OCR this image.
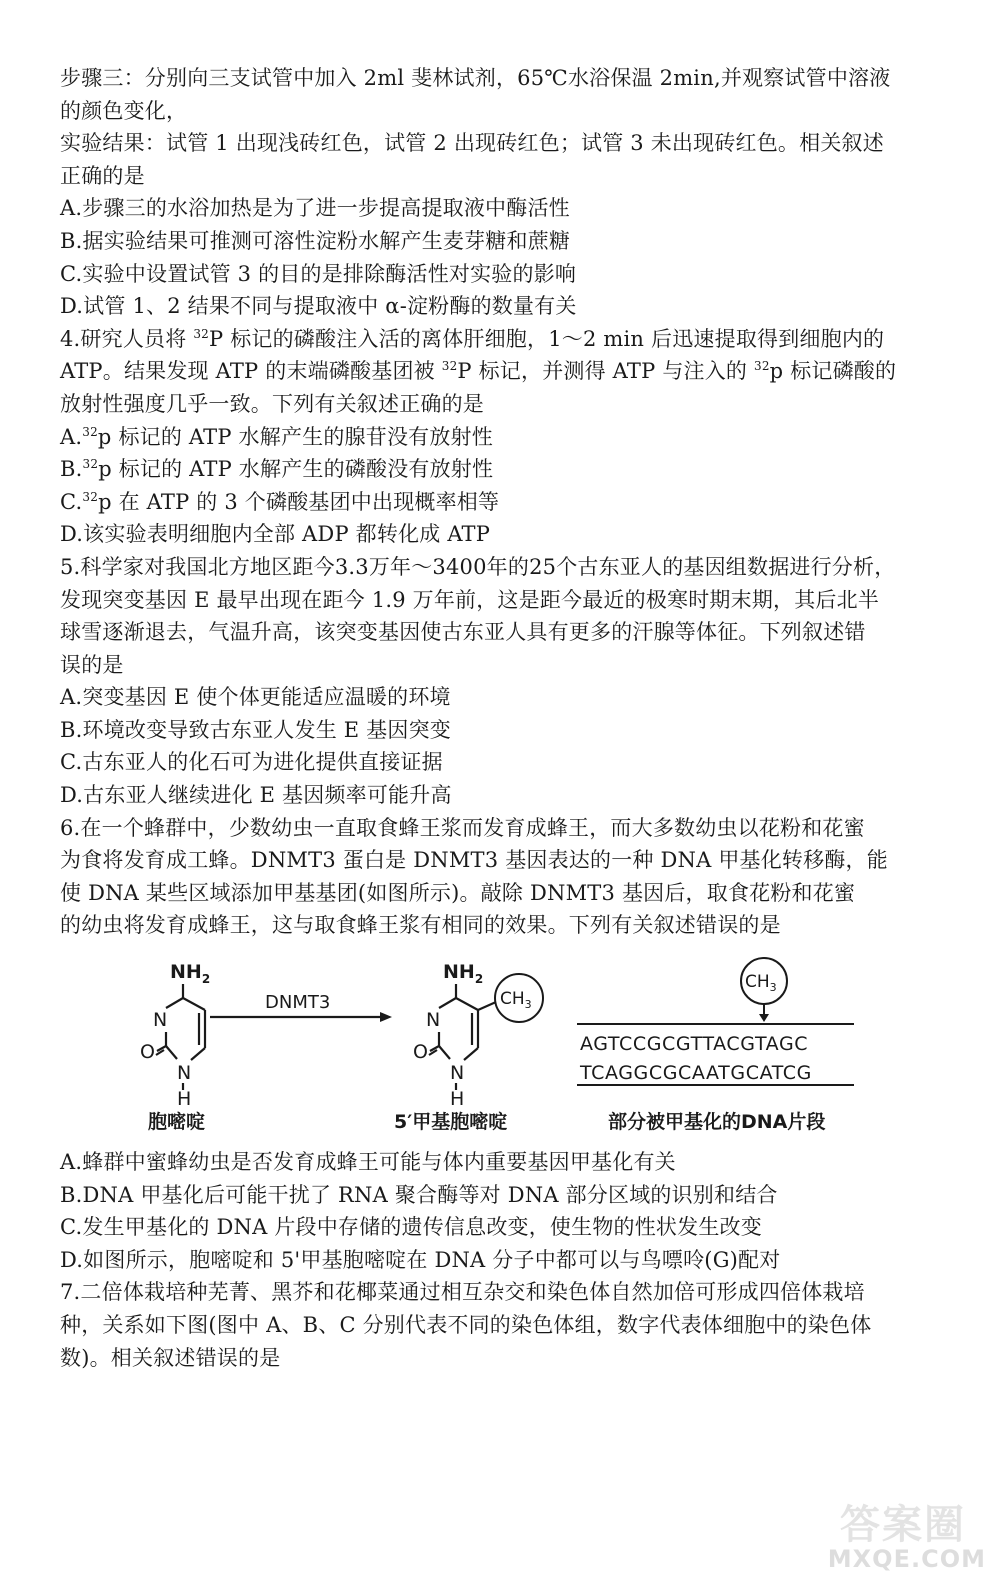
步骤三：分别向三支试管中加入 2ml 斐林试剂，65℃水浴保温 2min,并观察试管中溶液
的颜色变化，
实验结果：试管 1 出现浅砖红色，试管 2 出现砖红色；试管 3 未出现砖红色。相关叙述
正确的是
A.步骤三的水浴加热是为了进一步提高提取液中酶活性
B.据实验结果可推测可溶性淀粉水解产生麦芽糖和蔗糖
C.实验中设置试管 3 的目的是排除酶活性对实验的影响
D.试管 1、2 结果不同与提取液中 α-淀粉酶的数量有关
4.研究人员将 $^{32}$P 标记的磷酸注入活的离体肝细胞，1～2 min 后迅速提取得到细胞内的
ATP。结果发现 ATP 的末端磷酸基团被 $^{32}$P 标记，并测得 ATP 与注入的 $^{32}$p 标记磷酸的
放射性强度几乎一致。下列有关叙述正确的是
A.$^{32}$p 标记的 ATP 水解产生的腺苷没有放射性
B.$^{32}$p 标记的 ATP 水解产生的磷酸没有放射性
C.$^{32}$p 在 ATP 的 3 个磷酸基团中出现概率相等
D.该实验表明细胞内全部 ADP 都转化成 ATP
5.科学家对我国北方地区距今3.3万年～3400年的25个古东亚人的基因组数据进行分析，
发现突变基因 E 最早出现在距今 1.9 万年前，这是距今最近的极寒时期末期，其后北半
球雪逐渐退去，气温升高，该突变基因使古东亚人具有更多的汗腺等体征。下列叙述错
误的是
A.突变基因 E 使个体更能适应温暖的环境
B.环境改变导致古东亚人发生 E 基因突变
C.古东亚人的化石可为进化提供直接证据
D.古东亚人继续进化 E 基因频率可能升高
6.在一个蜂群中，少数幼虫一直取食蜂王浆而发育成蜂王，而大多数幼虫以花粉和花蜜
为食将发育成工蜂。DNMT3 蛋白是 DNMT3 基因表达的一种 DNA 甲基化转移酶，能
使 DNA 某些区域添加甲基基团(如图所示)。敲除 DNMT3 基因后，取食花粉和花蜜
的幼虫将发育成蜂王，这与取食蜂王浆有相同的效果。下列有关叙述错误的是
$NH_2$
N
O
N
H
DNMT3
$NH_2$
N
O
N
H
$CH_3$
$CH_3$
AGTCCGCGTTACGTAGC
TCAGGCGCAATGCATCG
胞嘧啶	5′甲基胞嘧啶	部分被甲基化的DNA片段
A.蜂群中蜜蜂幼虫是否发育成蜂王可能与体内重要基因甲基化有关
B.DNA 甲基化后可能干扰了 RNA 聚合酶等对 DNA 部分区域的识别和结合
C.发生甲基化的 DNA 片段中存储的遗传信息改变，使生物的性状发生改变
D.如图所示，胞嘧啶和 5'甲基胞嘧啶在 DNA 分子中都可以与鸟嘌呤(G)配对
7.二倍体栽培种芜菁、黑芥和花椰菜通过相互杂交和染色体自然加倍可形成四倍体栽培
种，关系如下图(图中 A、B、C 分别代表不同的染色体组，数字代表体细胞中的染色体
数)。相关叙述错误的是
答案圈
MXQE.COM
